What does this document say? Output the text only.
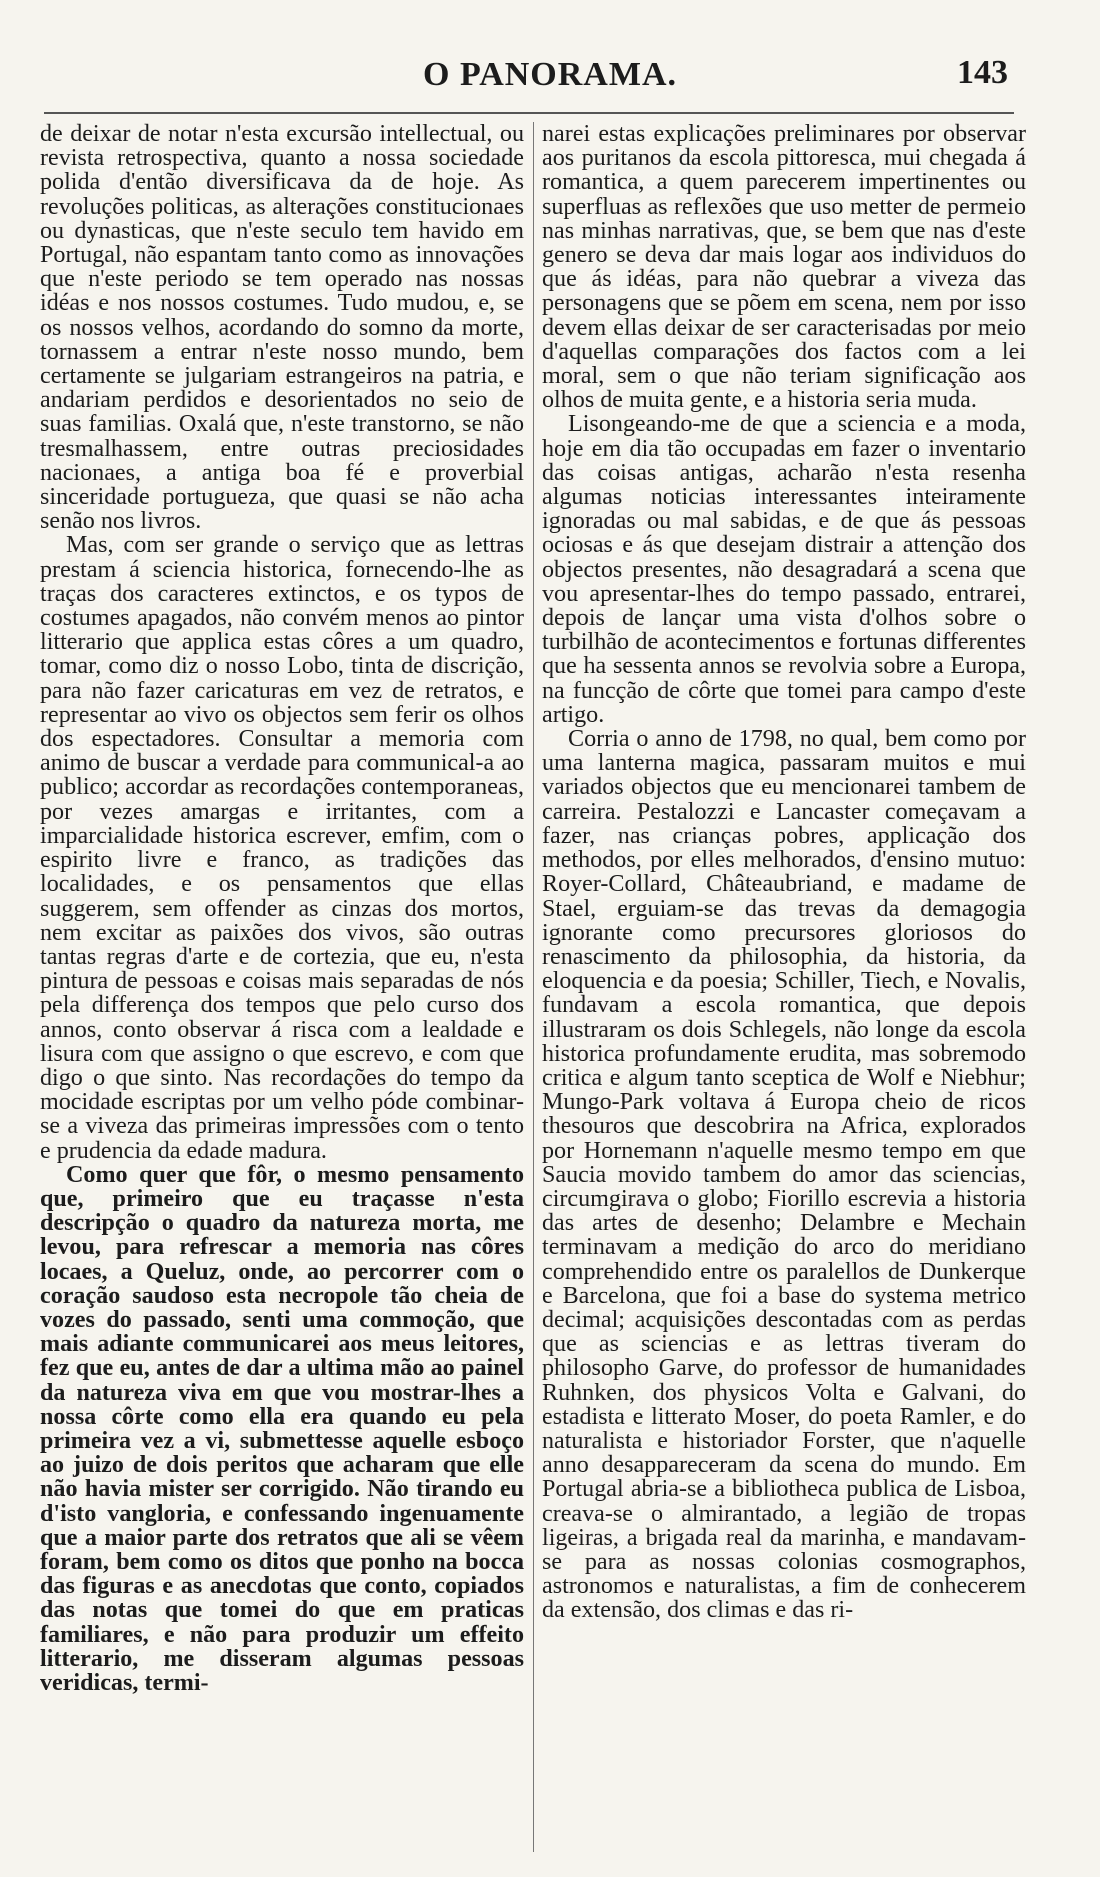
O PANORAMA.	143

de deixar de notar n'esta excursão intellectual, ou revista retrospectiva, quanto a nossa sociedade polida d'então diversificava da de hoje. As revoluções politicas, as alterações constitucionaes ou dynasticas, que n'este seculo tem havido em Portugal, não espantam tanto como as innovações que n'este periodo se tem operado nas nossas idéas e nos nossos costumes. Tudo mudou, e, se os nossos velhos, acordando do somno da morte, tornassem a entrar n'este nosso mundo, bem certamente se julgariam estrangeiros na patria, e andariam perdidos e desorientados no seio de suas familias. Oxalá que, n'este transtorno, se não tresmalhassem, entre outras preciosidades nacionaes, a antiga boa fé e proverbial sinceridade portugueza, que quasi se não acha senão nos livros.

Mas, com ser grande o serviço que as lettras prestam á sciencia historica, fornecendo-lhe as traças dos caracteres extinctos, e os typos de costumes apagados, não convém menos ao pintor litterario que applica estas côres a um quadro, tomar, como diz o nosso Lobo, tinta de discrição, para não fazer caricaturas em vez de retratos, e representar ao vivo os objectos sem ferir os olhos dos espectadores. Consultar a memoria com animo de buscar a verdade para communical-a ao publico; accordar as recordações contemporaneas, por vezes amargas e irritantes, com a imparcialidade historica escrever, emfim, com o espirito livre e franco, as tradições das localidades, e os pensamentos que ellas suggerem, sem offender as cinzas dos mortos, nem excitar as paixões dos vivos, são outras tantas regras d'arte e de cortezia, que eu, n'esta pintura de pessoas e coisas mais separadas de nós pela differença dos tempos que pelo curso dos annos, conto observar á risca com a lealdade e lisura com que assigno o que escrevo, e com que digo o que sinto. Nas recordações do tempo da mocidade escriptas por um velho póde combinar-se a viveza das primeiras impressões com o tento e prudencia da edade madura.

Como quer que fôr, o mesmo pensamento que, primeiro que eu traçasse n'esta descripção o quadro da natureza morta, me levou, para refrescar a memoria nas côres locaes, a Queluz, onde, ao percorrer com o coração saudoso esta necropole tão cheia de vozes do passado, senti uma commoção, que mais adiante communicarei aos meus leitores, fez que eu, antes de dar a ultima mão ao painel da natureza viva em que vou mostrar-lhes a nossa côrte como ella era quando eu pela primeira vez a vi, submettesse aquelle esboço ao juizo de dois peritos que acharam que elle não havia mister ser corrigido. Não tirando eu d'isto vangloria, e confessando ingenuamente que a maior parte dos retratos que ali se vêem foram, bem como os ditos que ponho na bocca das figuras e as anecdotas que conto, copiados das notas que tomei do que em praticas familiares, e não para produzir um effeito litterario, me disseram algumas pessoas veridicas, termi-

narei estas explicações preliminares por observar aos puritanos da escola pittoresca, mui chegada á romantica, a quem parecerem impertinentes ou superfluas as reflexões que uso metter de permeio nas minhas narrativas, que, se bem que nas d'este genero se deva dar mais logar aos individuos do que ás idéas, para não quebrar a viveza das personagens que se põem em scena, nem por isso devem ellas deixar de ser caracterisadas por meio d'aquellas comparações dos factos com a lei moral, sem o que não teriam significação aos olhos de muita gente, e a historia seria muda.

Lisongeando-me de que a sciencia e a moda, hoje em dia tão occupadas em fazer o inventario das coisas antigas, acharão n'esta resenha algumas noticias interessantes inteiramente ignoradas ou mal sabidas, e de que ás pessoas ociosas e ás que desejam distrair a attenção dos objectos presentes, não desagradará a scena que vou apresentar-lhes do tempo passado, entrarei, depois de lançar uma vista d'olhos sobre o turbilhão de acontecimentos e fortunas differentes que ha sessenta annos se revolvia sobre a Europa, na funcção de côrte que tomei para campo d'este artigo.

Corria o anno de 1798, no qual, bem como por uma lanterna magica, passaram muitos e mui variados objectos que eu mencionarei tambem de carreira. Pestalozzi e Lancaster começavam a fazer, nas crianças pobres, applicação dos methodos, por elles melhorados, d'ensino mutuo: Royer-Collard, Châteaubriand, e madame de Stael, erguiam-se das trevas da demagogia ignorante como precursores gloriosos do renascimento da philosophia, da historia, da eloquencia e da poesia; Schiller, Tiech, e Novalis, fundavam a escola romantica, que depois illustraram os dois Schlegels, não longe da escola historica profundamente erudita, mas sobremodo critica e algum tanto sceptica de Wolf e Niebhur; Mungo-Park voltava á Europa cheio de ricos thesouros que descobrira na Africa, explorados por Hornemann n'aquelle mesmo tempo em que Saucia movido tambem do amor das sciencias, circumgirava o globo; Fiorillo escrevia a historia das artes de desenho; Delambre e Mechain terminavam a medição do arco do meridiano comprehendido entre os paralellos de Dunkerque e Barcelona, que foi a base do systema metrico decimal; acquisições descontadas com as perdas que as sciencias e as lettras tiveram do philosopho Garve, do professor de humanidades Ruhnken, dos physicos Volta e Galvani, do estadista e litterato Moser, do poeta Ramler, e do naturalista e historiador Forster, que n'aquelle anno desappareceram da scena do mundo. Em Portugal abria-se a bibliotheca publica de Lisboa, creava-se o almirantado, a legião de tropas ligeiras, a brigada real da marinha, e mandavam-se para as nossas colonias cosmographos, astronomos e naturalistas, a fim de conhecerem da extensão, dos climas e das ri-
